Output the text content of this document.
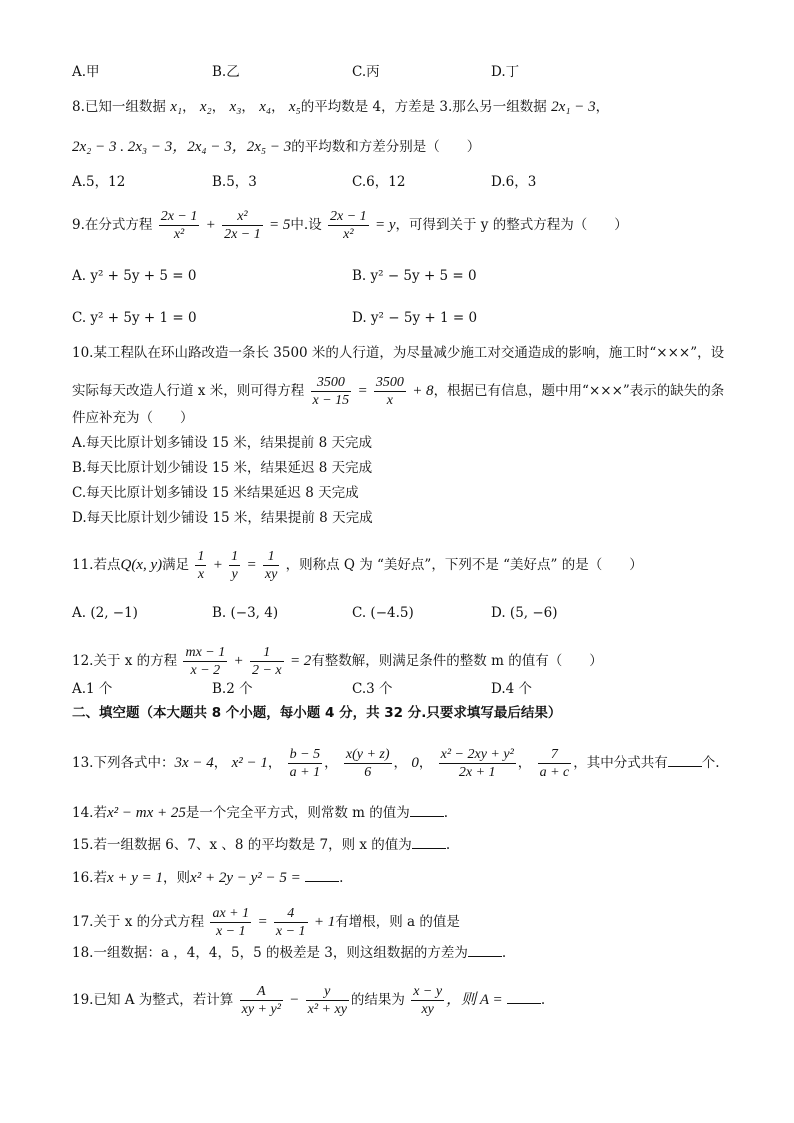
A.甲	B.乙	C.丙	D.丁
8.已知一组数据 x₁， x₂， x₃， x₄， x₅的平均数是 4，方差是 3.那么另一组数据 2x₁ − 3，
2x₂ − 3 . 2x₃ − 3，2x₄ − 3，2x₅ − 3的平均数和方差分别是（　　）
A.5，12	B.5，3	C.6，12	D.6，3
9.在分式方程 $\frac{2x - 1}{\text{x²}} + \frac{\text{x²}}{2x - 1} = 5$中.设 $\frac{2x - 1}{\text{x²}} = y$，可得到关于 y 的整式方程为（　　）
A. y² + 5y + 5 = 0	B. y² − 5y + 5 = 0
C. y² + 5y + 1 = 0	D. y² − 5y + 1 = 0
10.某工程队在环山路改造一条长 3500 米的人行道，为尽量减少施工对交通造成的影响，施工时“×××”，设
实际每天改造人行道 x 米，则可得方程 $\frac{3500}{x - 15} = \frac{3500}{x} + 8$，根据已有信息，题中用“×××”表示的缺失的条
件应补充为（　　）
A.每天比原计划多铺设 15 米，结果提前 8 天完成
B.每天比原计划少铺设 15 米，结果延迟 8 天完成
C.每天比原计划多铺设 15 米结果延迟 8 天完成
D.每天比原计划少铺设 15 米，结果提前 8 天完成
11.若点Q(x, y)满足 $\frac{1}{x} + \frac{1}{y} = \frac{1}{xy}$ ，则称点 Q 为 “美好点”，下列不是 “美好点” 的是（　　）
A. (2, −1)	B. (−3, 4)	C. (−4.5)	D. (5, −6)
12.关于 x 的方程 $\frac{mx - 1}{x - 2} + \frac{1}{2 - x} = 2$有整数解，则满足条件的整数 m 的值有（　　）
A.1 个	B.2 个	C.3 个	D.4 个
二、填空题（本大题共 8 个小题，每小题 4 分，共 32 分.只要求填写最后结果）
13.下列各式中：3x − 4， x² − 1， $\frac{b - 5}{a + 1}$ ， $\frac{x(y + z)}{6}$ ， 0， $\frac{\text{x² − 2xy + y²}}{2x + 1}$ ， $\frac{7}{a + c}$ ，其中分式共有	个.
14.若x² − mx + 25是一个完全平方式，则常数 m 的值为	.
15.若一组数据 6、7、x 、8 的平均数是 7，则 x 的值为	.
16.若x + y = 1，则x² + 2y − y² − 5 =	.
17.关于 x 的分式方程 $\frac{ax + 1}{x - 1} = \frac{4}{x - 1} + 1$有增根，则 a 的值是
18.一组数据：a ，4，4，5，5 的极差是 3，则这组数据的方差为	.
19.已知 A 为整式，若计算 $\frac{A}{\text{xy + y²}} - \frac{y}{\text{x² + xy}}$ 的结果为 $\frac{x - y}{xy}$ ，则 A =	.
